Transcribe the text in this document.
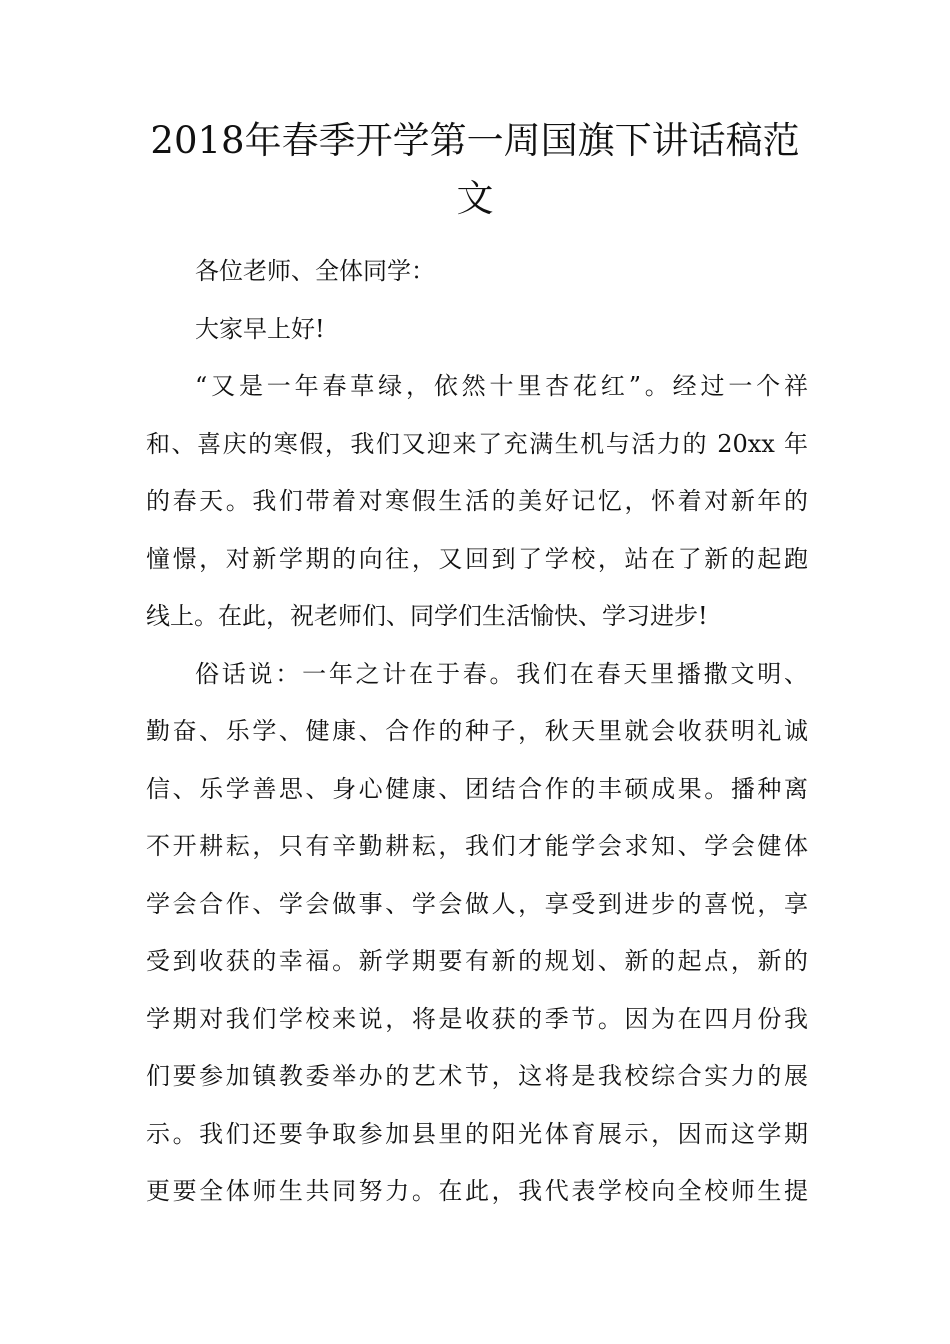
2018年春季开学第一周国旗下讲话稿范
文
各位老师、全体同学：
大家早上好!
“又是一年春草绿，依然十里杏花红”。经过一个祥
和、喜庆的寒假，我们又迎来了充满生机与活力的 20xx 年
的春天。我们带着对寒假生活的美好记忆，怀着对新年的
憧憬，对新学期的向往，又回到了学校，站在了新的起跑
线上。在此，祝老师们、同学们生活愉快、学习进步!
俗话说：一年之计在于春。我们在春天里播撒文明、
勤奋、乐学、健康、合作的种子，秋天里就会收获明礼诚
信、乐学善思、身心健康、团结合作的丰硕成果。播种离
不开耕耘，只有辛勤耕耘，我们才能学会求知、学会健体
学会合作、学会做事、学会做人，享受到进步的喜悦，享
受到收获的幸福。新学期要有新的规划、新的起点，新的
学期对我们学校来说，将是收获的季节。因为在四月份我
们要参加镇教委举办的艺术节，这将是我校综合实力的展
示。我们还要争取参加县里的阳光体育展示，因而这学期
更要全体师生共同努力。在此，我代表学校向全校师生提
